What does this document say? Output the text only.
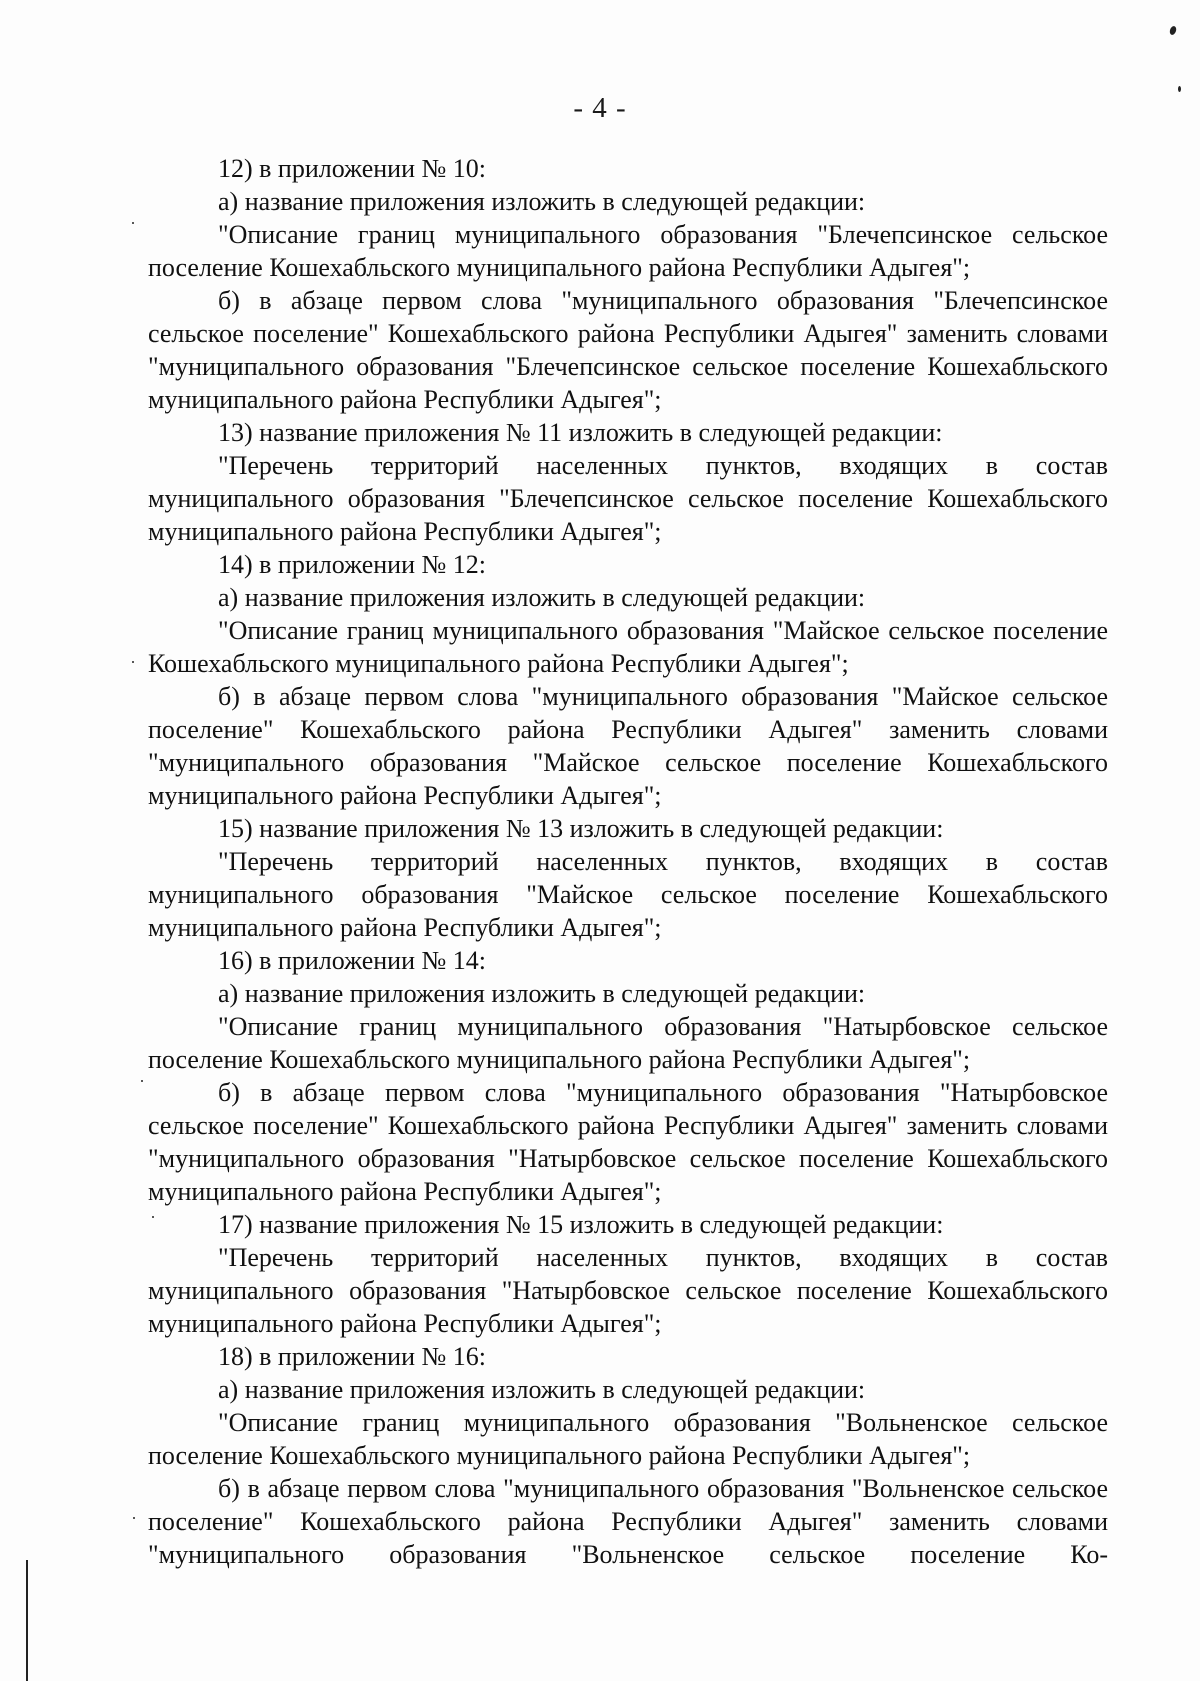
- 4 -

12) в приложении № 10:

а) название приложения изложить в следующей редакции:

"Описание границ муниципального образования "Блечепсинское сельское поселение Кошехабльского муниципального района Республики Адыгея";

б) в абзаце первом слова "муниципального образования "Блечепсинское сельское поселение" Кошехабльского района Республики Адыгея" заменить словами "муниципального образования "Блечепсинское сельское поселение Кошехабльского муниципального района Республики Адыгея";

13) название приложения № 11 изложить в следующей редакции:

"Перечень территорий населенных пунктов, входящих в состав муниципального образования "Блечепсинское сельское поселение Кошехабльского муниципального района Республики Адыгея";

14) в приложении № 12:

а) название приложения изложить в следующей редакции:

"Описание границ муниципального образования "Майское сельское поселение Кошехабльского муниципального района Республики Адыгея";

б) в абзаце первом слова "муниципального образования "Майское сельское поселение" Кошехабльского района Республики Адыгея" заменить словами "муниципального образования "Майское сельское поселение Кошехабльского муниципального района Республики Адыгея";

15) название приложения № 13 изложить в следующей редакции:

"Перечень территорий населенных пунктов, входящих в состав муниципального образования "Майское сельское поселение Кошехабльского муниципального района Республики Адыгея";

16) в приложении № 14:

а) название приложения изложить в следующей редакции:

"Описание границ муниципального образования "Натырбовское сельское поселение Кошехабльского муниципального района Республики Адыгея";

б) в абзаце первом слова "муниципального образования "Натырбовское сельское поселение" Кошехабльского района Республики Адыгея" заменить словами "муниципального образования "Натырбовское сельское поселение Кошехабльского муниципального района Республики Адыгея";

17) название приложения № 15 изложить в следующей редакции:

"Перечень территорий населенных пунктов, входящих в состав муниципального образования "Натырбовское сельское поселение Кошехабльского муниципального района Республики Адыгея";

18) в приложении № 16:

а) название приложения изложить в следующей редакции:

"Описание границ муниципального образования "Вольненское сельское поселение Кошехабльского муниципального района Республики Адыгея";

б) в абзаце первом слова "муниципального образования "Вольненское сельское поселение" Кошехабльского района Республики Адыгея" заменить словами "муниципального образования "Вольненское сельское поселение Ко-
